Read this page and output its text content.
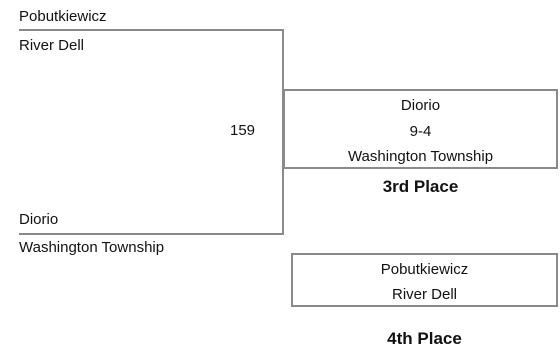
Pobutkiewicz
River Dell
159
Diorio
Washington Township
Diorio
9-4
Washington Township
3rd Place
Pobutkiewicz
River Dell
4th Place
